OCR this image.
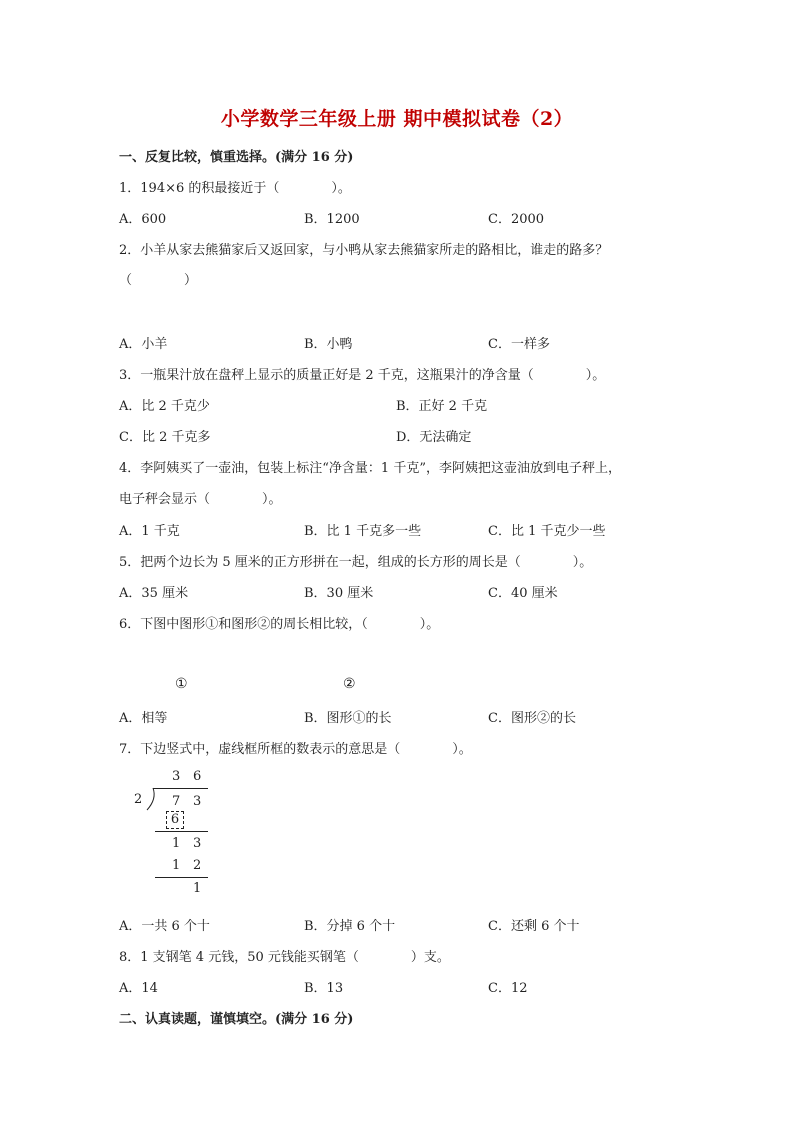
小学数学三年级上册 期中模拟试卷（2）
一、反复比较，慎重选择。(满分 16 分)
1．194×6 的积最接近于（　　　　）。
A．600	B．1200	C．2000
2．小羊从家去熊猫家后又返回家，与小鸭从家去熊猫家所走的路相比，谁走的路多？
（　　　　）
A．小羊	B．小鸭	C．一样多
3．一瓶果汁放在盘秤上显示的质量正好是 2 千克，这瓶果汁的净含量（　　　　）。
A．比 2 千克少	B．正好 2 千克
C．比 2 千克多	D．无法确定
4．李阿姨买了一壶油，包装上标注“净含量：1 千克”，李阿姨把这壶油放到电子秤上，
电子秤会显示（　　　　）。
A．1 千克	B．比 1 千克多一些	C．比 1 千克少一些
5．把两个边长为 5 厘米的正方形拼在一起，组成的长方形的周长是（　　　　）。
A．35 厘米	B．30 厘米	C．40 厘米
6．下图中图形①和图形②的周长相比较，（　　　　）。
①	②
A．相等	B．图形①的长	C．图形②的长
7．下边竖式中，虚线框所框的数表示的意思是（　　　　）。
3 6
2 7 3
6
1 3
1 2
1
A．一共 6 个十	B．分掉 6 个十	C．还剩 6 个十
8．1 支钢笔 4 元钱，50 元钱能买钢笔（　　　　）支。
A．14	B．13	C．12
二、认真读题，谨慎填空。(满分 16 分)
